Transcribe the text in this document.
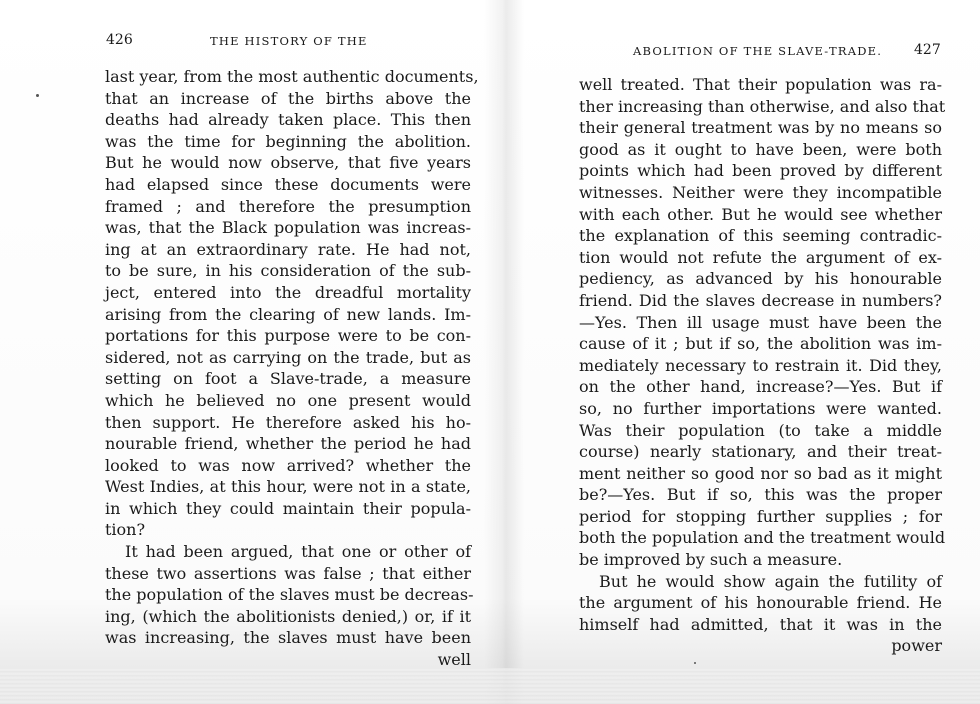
426	THE HISTORY OF THE
last year, from the most authentic documents,
that an increase of the births above the
deaths had already taken place. This then
was the time for beginning the abolition.
But he would now observe, that five years
had elapsed since these documents were
framed ; and therefore the presumption
was, that the Black population was increas-
ing at an extraordinary rate. He had not,
to be sure, in his consideration of the sub-
ject, entered into the dreadful mortality
arising from the clearing of new lands. Im-
portations for this purpose were to be con-
sidered, not as carrying on the trade, but as
setting on foot a Slave-trade, a measure
which he believed no one present would
then support. He therefore asked his ho-
nourable friend, whether the period he had
looked to was now arrived? whether the
West Indies, at this hour, were not in a state,
in which they could maintain their popula-
tion?
It had been argued, that one or other of
these two assertions was false ; that either
the population of the slaves must be decreas-
ing, (which the abolitionists denied,) or, if it
was increasing, the slaves must have been
well
ABOLITION OF THE SLAVE-TRADE. 427
well treated. That their population was ra-
ther increasing than otherwise, and also that
their general treatment was by no means so
good as it ought to have been, were both
points which had been proved by different
witnesses. Neither were they incompatible
with each other. But he would see whether
the explanation of this seeming contradic-
tion would not refute the argument of ex-
pediency, as advanced by his honourable
friend. Did the slaves decrease in numbers?
—Yes. Then ill usage must have been the
cause of it ; but if so, the abolition was im-
mediately necessary to restrain it. Did they,
on the other hand, increase?—Yes. But if
so, no further importations were wanted.
Was their population (to take a middle
course) nearly stationary, and their treat-
ment neither so good nor so bad as it might
be?—Yes. But if so, this was the proper
period for stopping further supplies ; for
both the population and the treatment would
be improved by such a measure.
But he would show again the futility of
the argument of his honourable friend. He
himself had admitted, that it was in the
power
